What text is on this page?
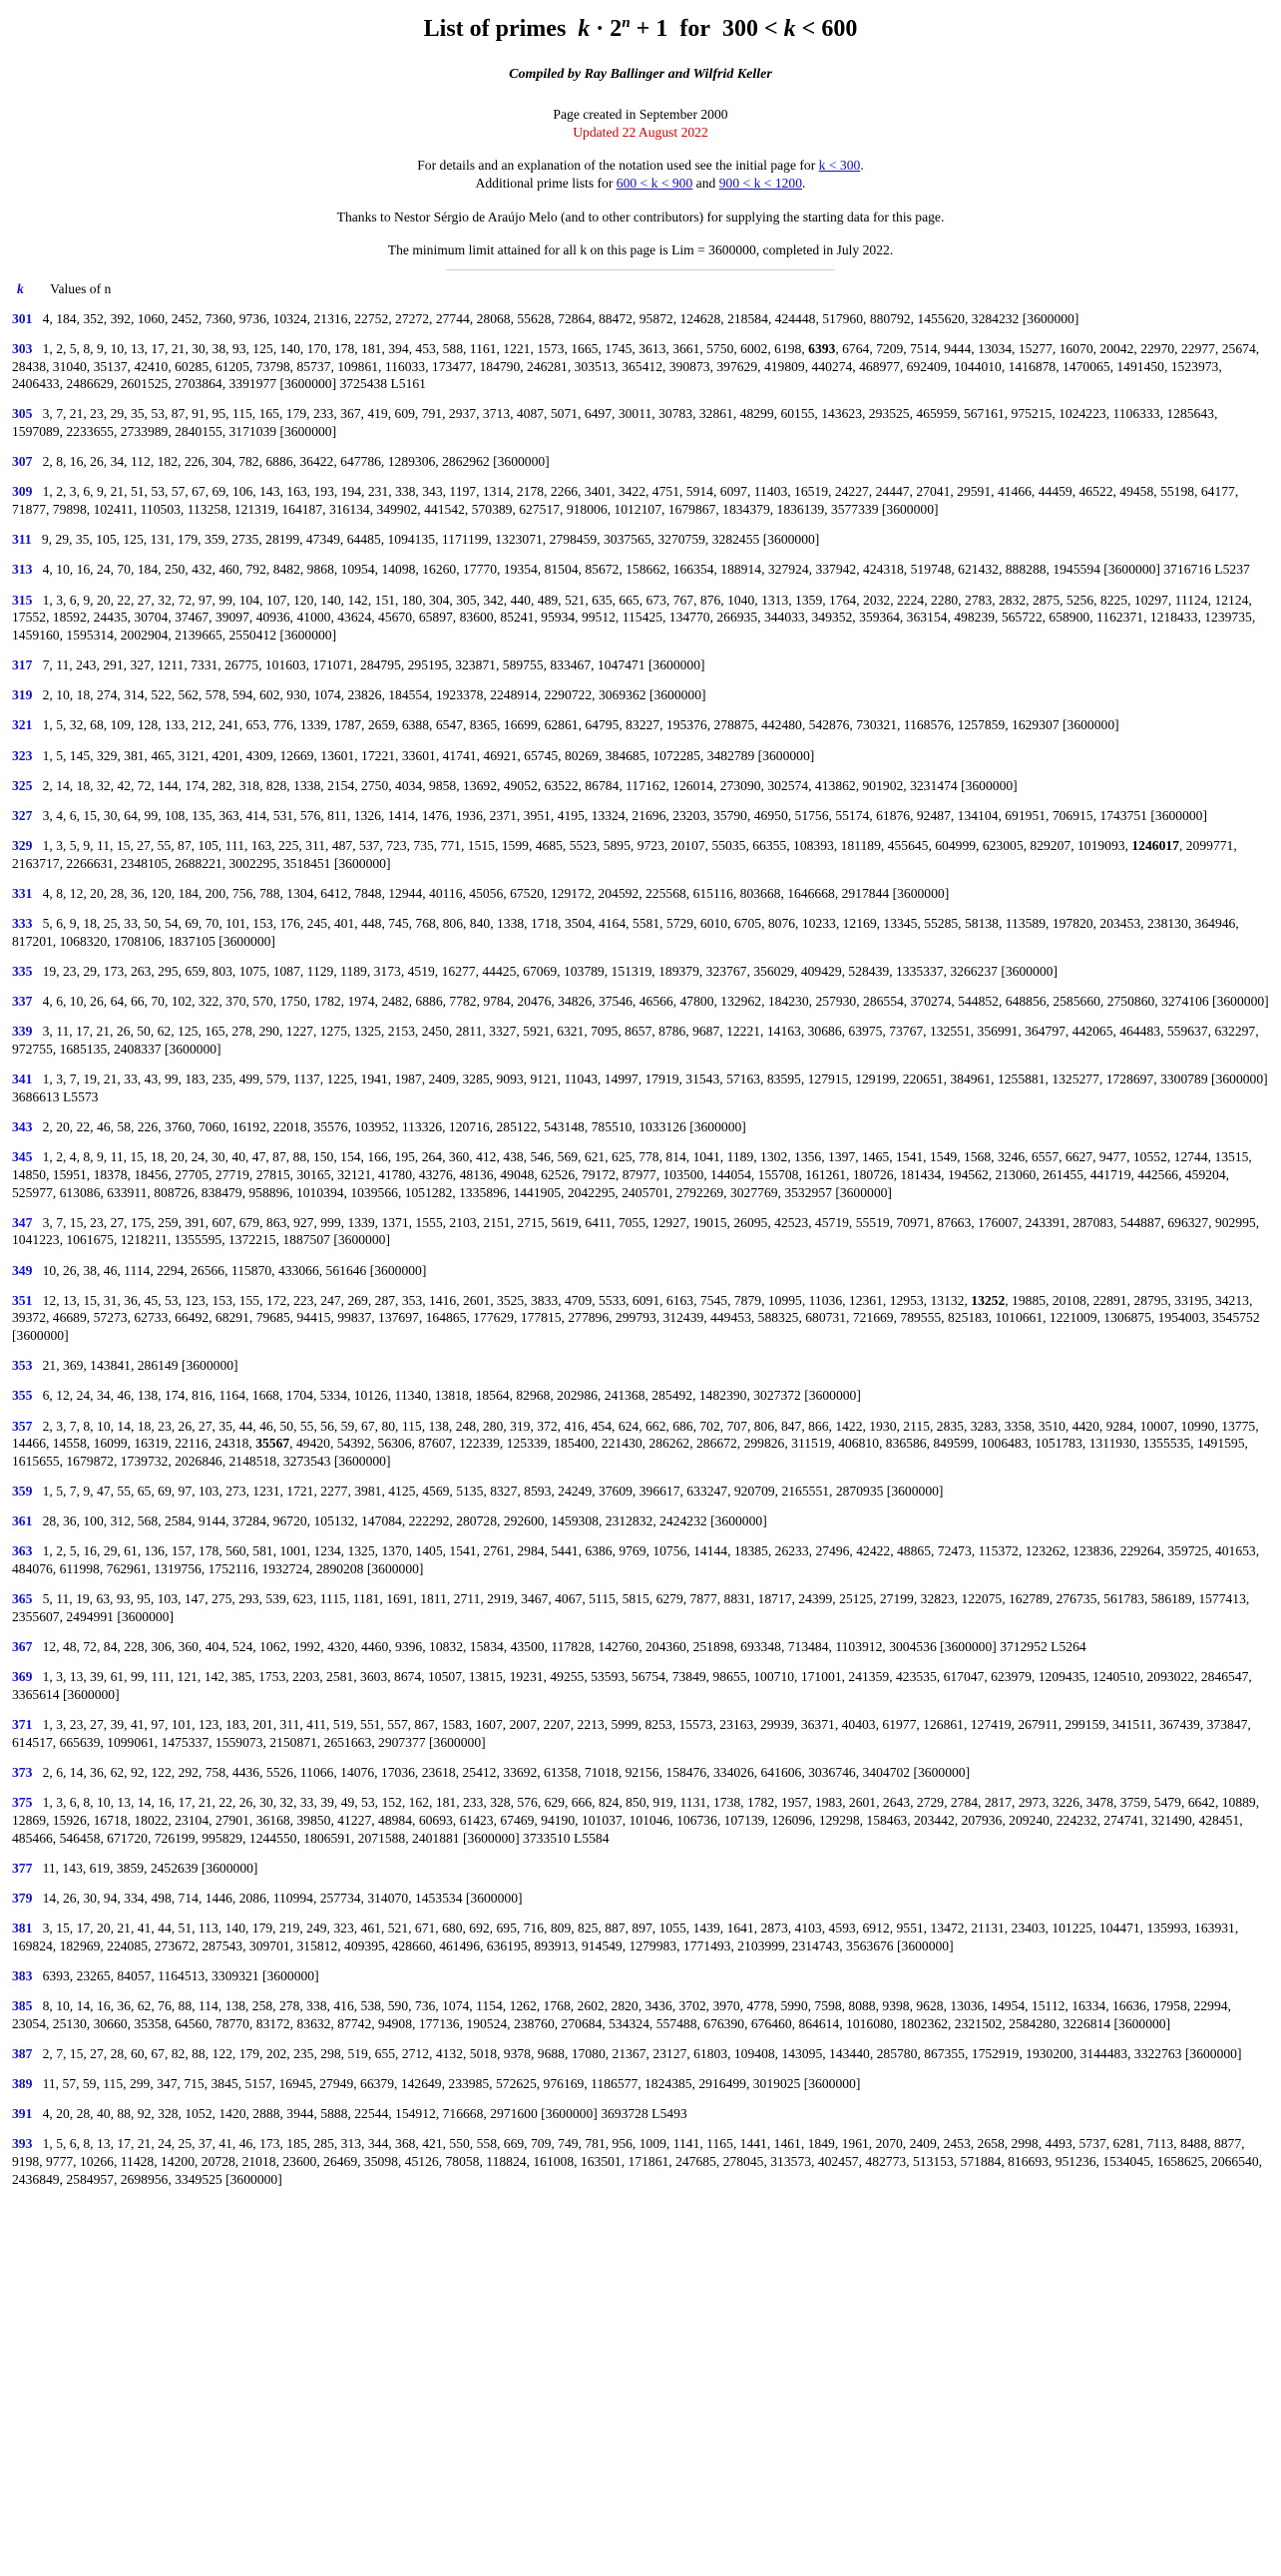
List of primes  $k \cdot 2^n + 1$  for  300 < k < 600
Compiled by Ray Ballinger and Wilfrid Keller
Page created in September 2000
Updated 22 August 2022
For details and an explanation of the notation used see the initial page for k < 300.
Additional prime lists for 600 < k < 900 and 900 < k < 1200.
Thanks to Nestor Sérgio de Araújo Melo (and to other contributors) for supplying the starting data for this page.
The minimum limit attained for all k on this page is Lim = 3600000, completed in July 2022.
k Values of n
301 4, 184, 352, 392, 1060, 2452, 7360, 9736, 10324, 21316, 22752, 27272, 27744, 28068, 55628, 72864, 88472, 95872, 124628, 218584, 424448, 517960, 880792, 1455620, 3284232 [3600000]
303 1, 2, 5, 8, 9, 10, 13, 17, 21, 30, 38, 93, 125, 140, 170, 178, 181, 394, 453, 588, 1161, 1221, 1573, 1665, 1745, 3613, 3661, 5750, 6002, 6198, 6393, 6764, 7209, 7514, 9444, 13034, 15277, 16070, 20042, 22970, 22977, 25674, 28438, 31040, 35137, 42410, 60285, 61205, 73798, 85737, 109861, 116033, 173477, 184790, 246281, 303513, 365412, 390873, 397629, 419809, 440274, 468977, 692409, 1044010, 1416878, 1470065, 1491450, 1523973, 2406433, 2486629, 2601525, 2703864, 3391977 [3600000] 3725438 L5161
305 3, 7, 21, 23, 29, 35, 53, 87, 91, 95, 115, 165, 179, 233, 367, 419, 609, 791, 2937, 3713, 4087, 5071, 6497, 30011, 30783, 32861, 48299, 60155, 143623, 293525, 465959, 567161, 975215, 1024223, 1106333, 1285643, 1597089, 2233655, 2733989, 2840155, 3171039 [3600000]
307 2, 8, 16, 26, 34, 112, 182, 226, 304, 782, 6886, 36422, 647786, 1289306, 2862962 [3600000]
309 1, 2, 3, 6, 9, 21, 51, 53, 57, 67, 69, 106, 143, 163, 193, 194, 231, 338, 343, 1197, 1314, 2178, 2266, 3401, 3422, 4751, 5914, 6097, 11403, 16519, 24227, 24447, 27041, 29591, 41466, 44459, 46522, 49458, 55198, 64177, 71877, 79898, 102411, 110503, 113258, 121319, 164187, 316134, 349902, 441542, 570389, 627517, 918006, 1012107, 1679867, 1834379, 1836139, 3577339 [3600000]
311 9, 29, 35, 105, 125, 131, 179, 359, 2735, 28199, 47349, 64485, 1094135, 1171199, 1323071, 2798459, 3037565, 3270759, 3282455 [3600000]
313 4, 10, 16, 24, 70, 184, 250, 432, 460, 792, 8482, 9868, 10954, 14098, 16260, 17770, 19354, 81504, 85672, 158662, 166354, 188914, 327924, 337942, 424318, 519748, 621432, 888288, 1945594 [3600000] 3716716 L5237
315 1, 3, 6, 9, 20, 22, 27, 32, 72, 97, 99, 104, 107, 120, 140, 142, 151, 180, 304, 305, 342, 440, 489, 521, 635, 665, 673, 767, 876, 1040, 1313, 1359, 1764, 2032, 2224, 2280, 2783, 2832, 2875, 5256, 8225, 10297, 11124, 12124, 17552, 18592, 24435, 30704, 37467, 39097, 40936, 41000, 43624, 45670, 65897, 83600, 85241, 95934, 99512, 115425, 134770, 266935, 344033, 349352, 359364, 363154, 498239, 565722, 658900, 1162371, 1218433, 1239735, 1459160, 1595314, 2002904, 2139665, 2550412 [3600000]
317 7, 11, 243, 291, 327, 1211, 7331, 26775, 101603, 171071, 284795, 295195, 323871, 589755, 833467, 1047471 [3600000]
319 2, 10, 18, 274, 314, 522, 562, 578, 594, 602, 930, 1074, 23826, 184554, 1923378, 2248914, 2290722, 3069362 [3600000]
321 1, 5, 32, 68, 109, 128, 133, 212, 241, 653, 776, 1339, 1787, 2659, 6388, 6547, 8365, 16699, 62861, 64795, 83227, 195376, 278875, 442480, 542876, 730321, 1168576, 1257859, 1629307 [3600000]
323 1, 5, 145, 329, 381, 465, 3121, 4201, 4309, 12669, 13601, 17221, 33601, 41741, 46921, 65745, 80269, 384685, 1072285, 3482789 [3600000]
325 2, 14, 18, 32, 42, 72, 144, 174, 282, 318, 828, 1338, 2154, 2750, 4034, 9858, 13692, 49052, 63522, 86784, 117162, 126014, 273090, 302574, 413862, 901902, 3231474 [3600000]
327 3, 4, 6, 15, 30, 64, 99, 108, 135, 363, 414, 531, 576, 811, 1326, 1414, 1476, 1936, 2371, 3951, 4195, 13324, 21696, 23203, 35790, 46950, 51756, 55174, 61876, 92487, 134104, 691951, 706915, 1743751 [3600000]
329 1, 3, 5, 9, 11, 15, 27, 55, 87, 105, 111, 163, 225, 311, 487, 537, 723, 735, 771, 1515, 1599, 4685, 5523, 5895, 9723, 20107, 55035, 66355, 108393, 181189, 455645, 604999, 623005, 829207, 1019093, 1246017, 2099771, 2163717, 2266631, 2348105, 2688221, 3002295, 3518451 [3600000]
331 4, 8, 12, 20, 28, 36, 120, 184, 200, 756, 788, 1304, 6412, 7848, 12944, 40116, 45056, 67520, 129172, 204592, 225568, 615116, 803668, 1646668, 2917844 [3600000]
333 5, 6, 9, 18, 25, 33, 50, 54, 69, 70, 101, 153, 176, 245, 401, 448, 745, 768, 806, 840, 1338, 1718, 3504, 4164, 5581, 5729, 6010, 6705, 8076, 10233, 12169, 13345, 55285, 58138, 113589, 197820, 203453, 238130, 364946, 817201, 1068320, 1708106, 1837105 [3600000]
335 19, 23, 29, 173, 263, 295, 659, 803, 1075, 1087, 1129, 1189, 3173, 4519, 16277, 44425, 67069, 103789, 151319, 189379, 323767, 356029, 409429, 528439, 1335337, 3266237 [3600000]
337 4, 6, 10, 26, 64, 66, 70, 102, 322, 370, 570, 1750, 1782, 1974, 2482, 6886, 7782, 9784, 20476, 34826, 37546, 46566, 47800, 132962, 184230, 257930, 286554, 370274, 544852, 648856, 2585660, 2750860, 3274106 [3600000]
339 3, 11, 17, 21, 26, 50, 62, 125, 165, 278, 290, 1227, 1275, 1325, 2153, 2450, 2811, 3327, 5921, 6321, 7095, 8657, 8786, 9687, 12221, 14163, 30686, 63975, 73767, 132551, 356991, 364797, 442065, 464483, 559637, 632297, 972755, 1685135, 2408337 [3600000]
341 1, 3, 7, 19, 21, 33, 43, 99, 183, 235, 499, 579, 1137, 1225, 1941, 1987, 2409, 3285, 9093, 9121, 11043, 14997, 17919, 31543, 57163, 83595, 127915, 129199, 220651, 384961, 1255881, 1325277, 1728697, 3300789 [3600000] 3686613 L5573
343 2, 20, 22, 46, 58, 226, 3760, 7060, 16192, 22018, 35576, 103952, 113326, 120716, 285122, 543148, 785510, 1033126 [3600000]
345 1, 2, 4, 8, 9, 11, 15, 18, 20, 24, 30, 40, 47, 87, 88, 150, 154, 166, 195, 264, 360, 412, 438, 546, 569, 621, 625, 778, 814, 1041, 1189, 1302, 1356, 1397, 1465, 1541, 1549, 1568, 3246, 6557, 6627, 9477, 10552, 12744, 13515, 14850, 15951, 18378, 18456, 27705, 27719, 27815, 30165, 32121, 41780, 43276, 48136, 49048, 62526, 79172, 87977, 103500, 144054, 155708, 161261, 180726, 181434, 194562, 213060, 261455, 441719, 442566, 459204, 525977, 613086, 633911, 808726, 838479, 958896, 1010394, 1039566, 1051282, 1335896, 1441905, 2042295, 2405701, 2792269, 3027769, 3532957 [3600000]
347 3, 7, 15, 23, 27, 175, 259, 391, 607, 679, 863, 927, 999, 1339, 1371, 1555, 2103, 2151, 2715, 5619, 6411, 7055, 12927, 19015, 26095, 42523, 45719, 55519, 70971, 87663, 176007, 243391, 287083, 544887, 696327, 902995, 1041223, 1061675, 1218211, 1355595, 1372215, 1887507 [3600000]
349 10, 26, 38, 46, 1114, 2294, 26566, 115870, 433066, 561646 [3600000]
351 12, 13, 15, 31, 36, 45, 53, 123, 153, 155, 172, 223, 247, 269, 287, 353, 1416, 2601, 3525, 3833, 4709, 5533, 6091, 6163, 7545, 7879, 10995, 11036, 12361, 12953, 13132, 13252, 19885, 20108, 22891, 28795, 33195, 34213, 39372, 46689, 57273, 62733, 66492, 68291, 79685, 94415, 99837, 137697, 164865, 177629, 177815, 277896, 299793, 312439, 449453, 588325, 680731, 721669, 789555, 825183, 1010661, 1221009, 1306875, 1954003, 3545752 [3600000]
353 21, 369, 143841, 286149 [3600000]
355 6, 12, 24, 34, 46, 138, 174, 816, 1164, 1668, 1704, 5334, 10126, 11340, 13818, 18564, 82968, 202986, 241368, 285492, 1482390, 3027372 [3600000]
357 2, 3, 7, 8, 10, 14, 18, 23, 26, 27, 35, 44, 46, 50, 55, 56, 59, 67, 80, 115, 138, 248, 280, 319, 372, 416, 454, 624, 662, 686, 702, 707, 806, 847, 866, 1422, 1930, 2115, 2835, 3283, 3358, 3510, 4420, 9284, 10007, 10990, 13775, 14466, 14558, 16099, 16319, 22116, 24318, 35567, 49420, 54392, 56306, 87607, 122339, 125339, 185400, 221430, 286262, 286672, 299826, 311519, 406810, 836586, 849599, 1006483, 1051783, 1311930, 1355535, 1491595, 1615655, 1679872, 1739732, 2026846, 2148518, 3273543 [3600000]
359 1, 5, 7, 9, 47, 55, 65, 69, 97, 103, 273, 1231, 1721, 2277, 3981, 4125, 4569, 5135, 8327, 8593, 24249, 37609, 396617, 633247, 920709, 2165551, 2870935 [3600000]
361 28, 36, 100, 312, 568, 2584, 9144, 37284, 96720, 105132, 147084, 222292, 280728, 292600, 1459308, 2312832, 2424232 [3600000]
363 1, 2, 5, 16, 29, 61, 136, 157, 178, 560, 581, 1001, 1234, 1325, 1370, 1405, 1541, 2761, 2984, 5441, 6386, 9769, 10756, 14144, 18385, 26233, 27496, 42422, 48865, 72473, 115372, 123262, 123836, 229264, 359725, 401653, 484076, 611998, 762961, 1319756, 1752116, 1932724, 2890208 [3600000]
365 5, 11, 19, 63, 93, 95, 103, 147, 275, 293, 539, 623, 1115, 1181, 1691, 1811, 2711, 2919, 3467, 4067, 5115, 5815, 6279, 7877, 8831, 18717, 24399, 25125, 27199, 32823, 122075, 162789, 276735, 561783, 586189, 1577413, 2355607, 2494991 [3600000]
367 12, 48, 72, 84, 228, 306, 360, 404, 524, 1062, 1992, 4320, 4460, 9396, 10832, 15834, 43500, 117828, 142760, 204360, 251898, 693348, 713484, 1103912, 3004536 [3600000] 3712952 L5264
369 1, 3, 13, 39, 61, 99, 111, 121, 142, 385, 1753, 2203, 2581, 3603, 8674, 10507, 13815, 19231, 49255, 53593, 56754, 73849, 98655, 100710, 171001, 241359, 423535, 617047, 623979, 1209435, 1240510, 2093022, 2846547, 3365614 [3600000]
371 1, 3, 23, 27, 39, 41, 97, 101, 123, 183, 201, 311, 411, 519, 551, 557, 867, 1583, 1607, 2007, 2207, 2213, 5999, 8253, 15573, 23163, 29939, 36371, 40403, 61977, 126861, 127419, 267911, 299159, 341511, 367439, 373847, 614517, 665639, 1099061, 1475337, 1559073, 2150871, 2651663, 2907377 [3600000]
373 2, 6, 14, 36, 62, 92, 122, 292, 758, 4436, 5526, 11066, 14076, 17036, 23618, 25412, 33692, 61358, 71018, 92156, 158476, 334026, 641606, 3036746, 3404702 [3600000]
375 1, 3, 6, 8, 10, 13, 14, 16, 17, 21, 22, 26, 30, 32, 33, 39, 49, 53, 152, 162, 181, 233, 328, 576, 629, 666, 824, 850, 919, 1131, 1738, 1782, 1957, 1983, 2601, 2643, 2729, 2784, 2817, 2973, 3226, 3478, 3759, 5479, 6642, 10889, 12869, 15926, 16718, 18022, 23104, 27901, 36168, 39850, 41227, 48984, 60693, 61423, 67469, 94190, 101037, 101046, 106736, 107139, 126096, 129298, 158463, 203442, 207936, 209240, 224232, 274741, 321490, 428451, 485466, 546458, 671720, 726199, 995829, 1244550, 1806591, 2071588, 2401881 [3600000] 3733510 L5584
377 11, 143, 619, 3859, 2452639 [3600000]
379 14, 26, 30, 94, 334, 498, 714, 1446, 2086, 110994, 257734, 314070, 1453534 [3600000]
381 3, 15, 17, 20, 21, 41, 44, 51, 113, 140, 179, 219, 249, 323, 461, 521, 671, 680, 692, 695, 716, 809, 825, 887, 897, 1055, 1439, 1641, 2873, 4103, 4593, 6912, 9551, 13472, 21131, 23403, 101225, 104471, 135993, 163931, 169824, 182969, 224085, 273672, 287543, 309701, 315812, 409395, 428660, 461496, 636195, 893913, 914549, 1279983, 1771493, 2103999, 2314743, 3563676 [3600000]
383 6393, 23265, 84057, 1164513, 3309321 [3600000]
385 8, 10, 14, 16, 36, 62, 76, 88, 114, 138, 258, 278, 338, 416, 538, 590, 736, 1074, 1154, 1262, 1768, 2602, 2820, 3436, 3702, 3970, 4778, 5990, 7598, 8088, 9398, 9628, 13036, 14954, 15112, 16334, 16636, 17958, 22994, 23054, 25130, 30660, 35358, 64560, 78770, 83172, 83632, 87742, 94908, 177136, 190524, 238760, 270684, 534324, 557488, 676390, 676460, 864614, 1016080, 1802362, 2321502, 2584280, 3226814 [3600000]
387 2, 7, 15, 27, 28, 60, 67, 82, 88, 122, 179, 202, 235, 298, 519, 655, 2712, 4132, 5018, 9378, 9688, 17080, 21367, 23127, 61803, 109408, 143095, 143440, 285780, 867355, 1752919, 1930200, 3144483, 3322763 [3600000]
389 11, 57, 59, 115, 299, 347, 715, 3845, 5157, 16945, 27949, 66379, 142649, 233985, 572625, 976169, 1186577, 1824385, 2916499, 3019025 [3600000]
391 4, 20, 28, 40, 88, 92, 328, 1052, 1420, 2888, 3944, 5888, 22544, 154912, 716668, 2971600 [3600000] 3693728 L5493
393 1, 5, 6, 8, 13, 17, 21, 24, 25, 37, 41, 46, 173, 185, 285, 313, 344, 368, 421, 550, 558, 669, 709, 749, 781, 956, 1009, 1141, 1165, 1441, 1461, 1849, 1961, 2070, 2409, 2453, 2658, 2998, 4493, 5737, 6281, 7113, 8488, 8877, 9198, 9777, 10266, 11428, 14200, 20728, 21018, 23600, 26469, 35098, 45126, 78058, 118824, 161008, 163501, 171861, 247685, 278045, 313573, 402457, 482773, 513153, 571884, 816693, 951236, 1534045, 1658625, 2066540, 2436849, 2584957, 2698956, 3349525 [3600000]
